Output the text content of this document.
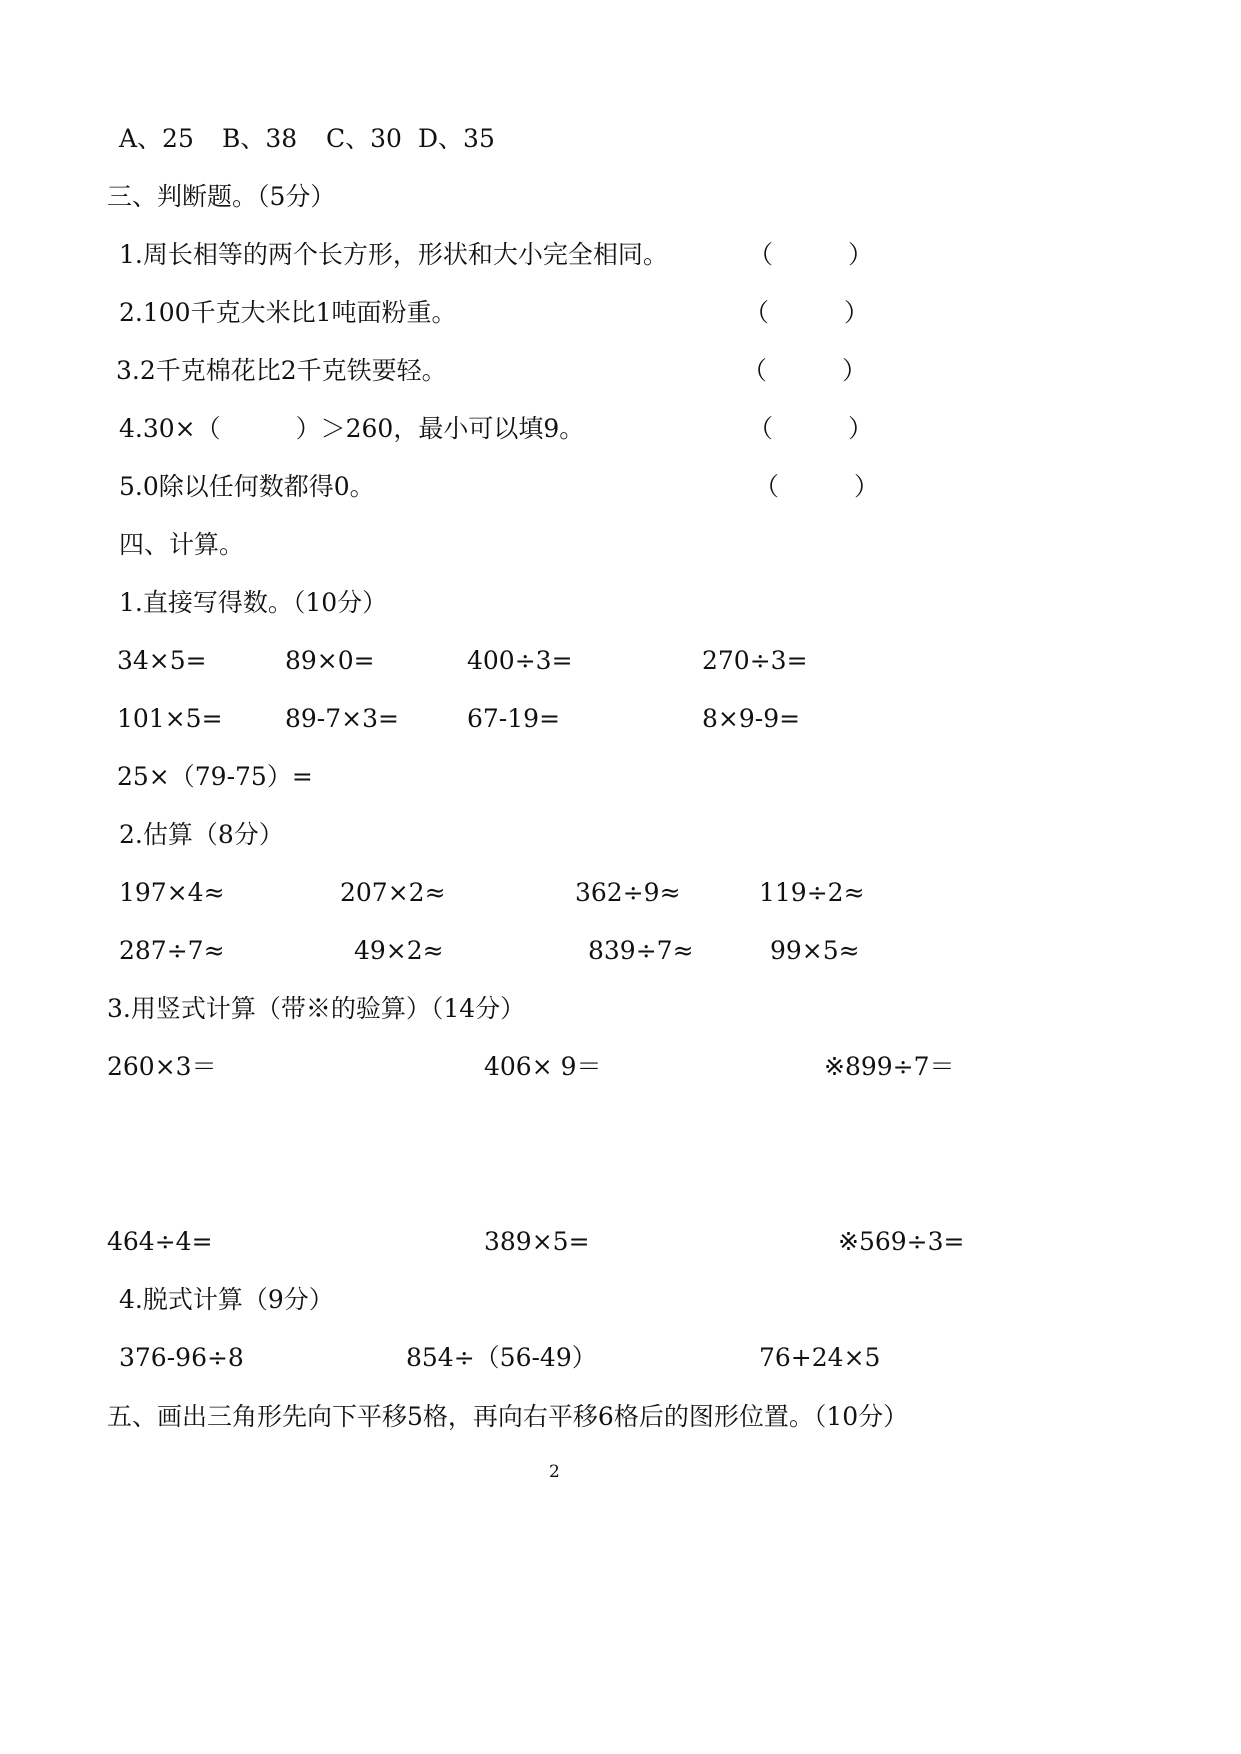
A、25 B、38 C、30 D、35
三、判断题。（5分）
1.周长相等的两个长方形，形状和大小完全相同。	（　　　）
2.100千克大米比1吨面粉重。	（　　　）
3.2千克棉花比2千克铁要轻。	（　　　）
4.30×（　　　）＞260，最小可以填9。	（　　　）
5.0除以任何数都得0。	（　　　）
四、计算。
1.直接写得数。（10分）
34×5=	89×0=	400÷3=	270÷3=
101×5= 89-7×3=	67-19=	8×9-9=
25×（79-75）=
2.估算（8分）
197×4≈	207×2≈	362÷9≈	119÷2≈
287÷7≈	49×2≈	839÷7≈	99×5≈
3.用竖式计算（带※的验算）（14分）
260×3＝	406× 9＝	※899÷7＝
464÷4=	389×5=	※569÷3=
4.脱式计算（9分）
376-96÷8	854÷（56-49）	76+24×5
五、画出三角形先向下平移5格，再向右平移6格后的图形位置。（10分）
2
